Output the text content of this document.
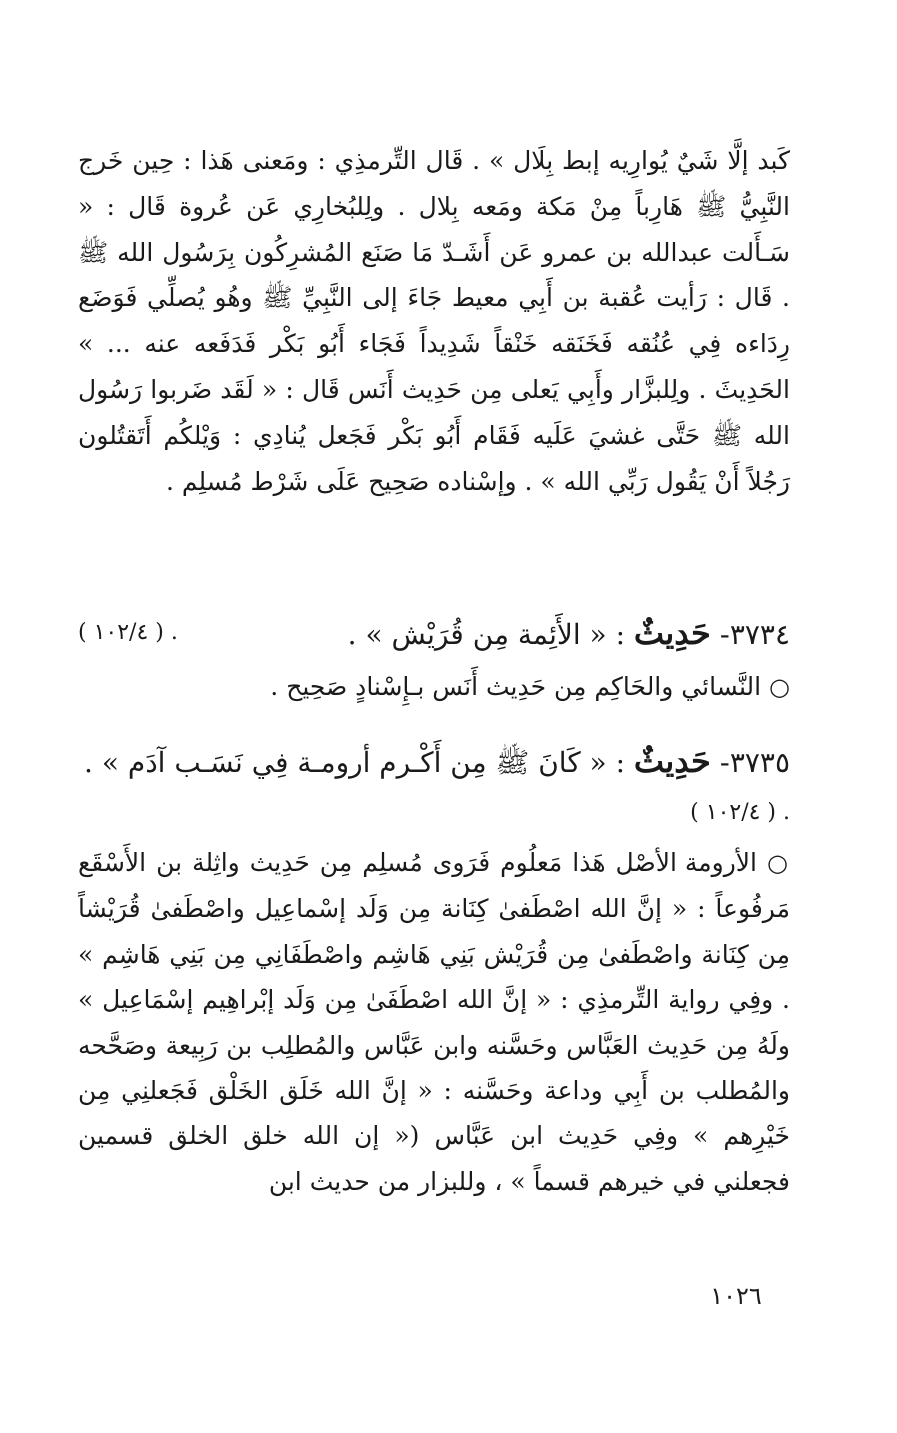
كَبد إلَّا شَيٌ يُوارِيه إبط بِلَال » . قَال التِّرمذِي : ومَعنى هَذا : حِين خَرج النَّبِيُّ ﷺ هَارِباً مِنْ مَكة ومَعه بِلال . ولِلبُخارِي عَن عُروة قَال : « سَـأَلت عبدالله بن عمرو عَن أَشَـدّ مَا صَنَع المُشرِكُون بِرَسُول الله ﷺ . قَال : رَأيت عُقبة بن أَبِي معيط جَاءَ إلى النَّبِيِّ ﷺ وهُو يُصلِّي فَوَضَع رِدَاءه فِي عُنُقه فَخَنَقه خَنْقاً شَدِيداً فَجَاء أَبُو بَكْر فَدَفَعه عنه ... » الحَدِيثَ . ولِلبزَّار وأَبِي يَعلى مِن حَدِيث أَنَس قَال : « لَقَد ضَربوا رَسُول الله ﷺ حَتَّى غشيَ عَلَيه فَقَام أَبُو بَكْر فَجَعل يُنادِي : وَيْلكُم أَتَقتُلون رَجُلاً أَنْ يَقُول رَبِّي الله » . وإسْناده صَحِيح عَلَى شَرْط مُسلِم .
٣٧٣٤- حَدِيثٌ : « الأَئِمة مِن قُرَيْش » .
. ( ١٠٢/٤ )
○ النَّسائي والحَاكِم مِن حَدِيث أَنَس بـإِسْنادٍ صَحِيح .
٣٧٣٥- حَدِيثٌ : « كَانَ ﷺ مِن أَكْـرم أرومـة فِي نَسَـب آدَم » .
. ( ١٠٢/٤ )
○ الأرومة الأصْل هَذا مَعلُوم فَرَوى مُسلِم مِن حَدِيث واثِلة بن الأَسْقَع مَرفُوعاً : « إنَّ الله اصْطَفىٰ كِنَانة مِن وَلَد إسْماعِيل واصْطَفىٰ قُرَيْشاً مِن كِنَانة واصْطَفىٰ مِن قُرَيْش بَنِي هَاشِم واصْطَفَانِي مِن بَنِي هَاشِم » . وفِي رواية التِّرمذِي : « إنَّ الله اصْطَفَىٰ مِن وَلَد إبْراهِيم إسْمَاعِيل » ولَهُ مِن حَدِيث العَبَّاس وحَسَّنه وابن عَبَّاس والمُطلِب بن رَبِيعة وصَحَّحه والمُطلب بن أَبِي وداعة وحَسَّنه : « إنَّ الله خَلَق الخَلْق فَجَعلنِي مِن خَيْرِهم » وفِي حَدِيث ابن عَبَّاس (« إن الله خلق الخلق قسمين فجعلني في خيرهم قسماً » ، وللبزار من حديث ابن
١٠٢٦
